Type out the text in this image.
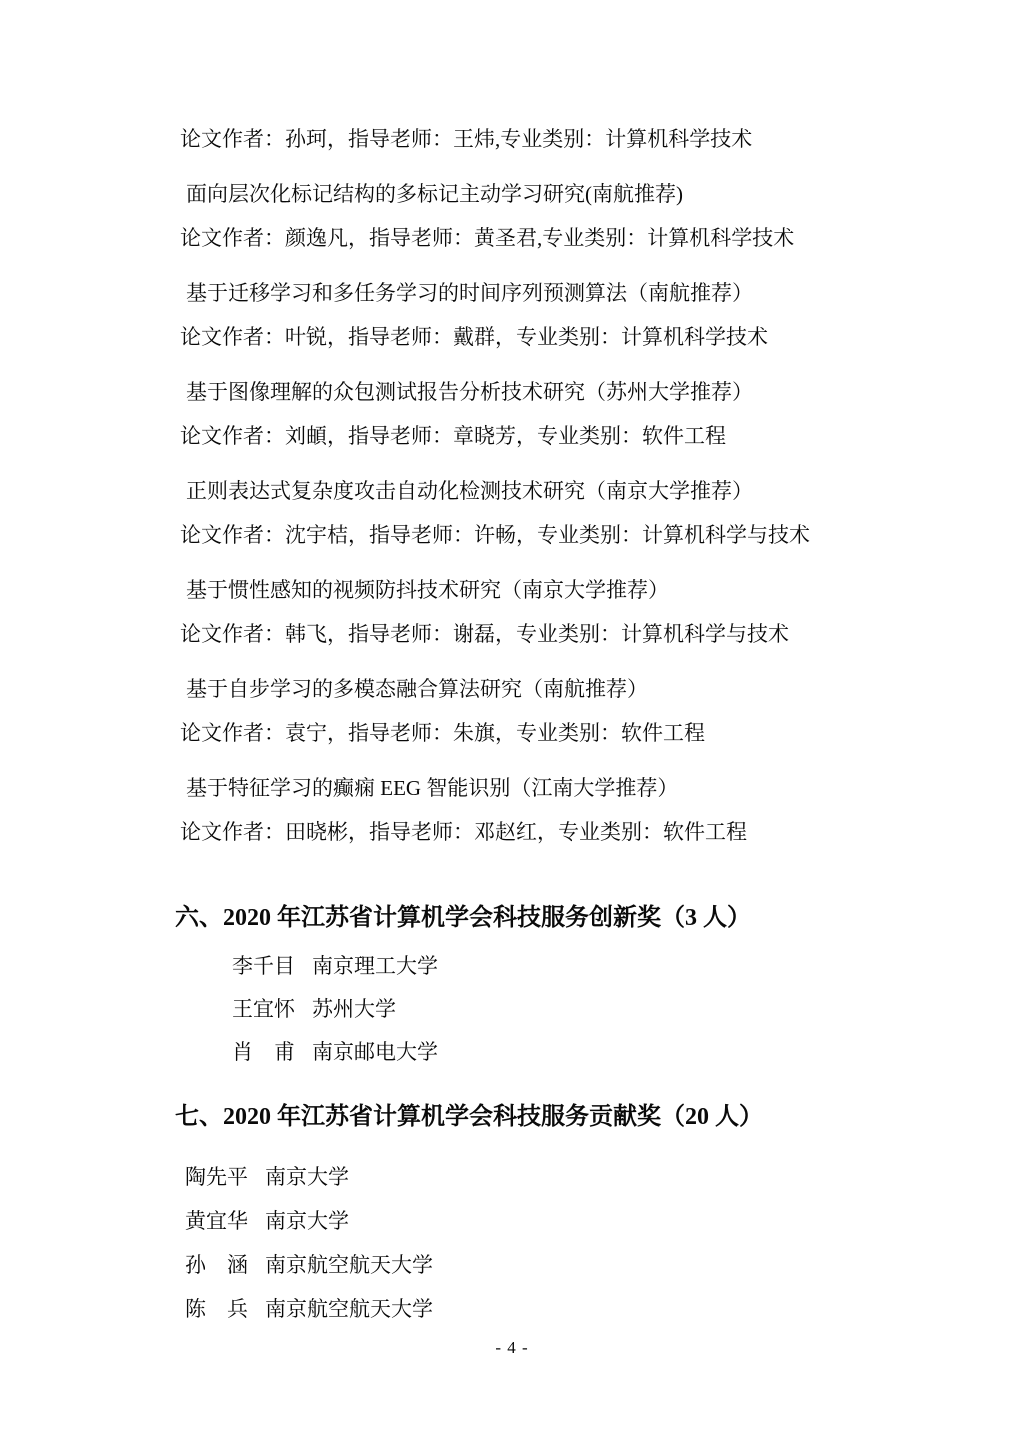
论文作者：孙珂，指导老师：王炜,专业类别：计算机科学技术
面向层次化标记结构的多标记主动学习研究(南航推荐)
论文作者：颜逸凡，指导老师：黄圣君,专业类别：计算机科学技术
基于迁移学习和多任务学习的时间序列预测算法（南航推荐）
论文作者：叶锐，指导老师：戴群，专业类别：计算机科学技术
基于图像理解的众包测试报告分析技术研究（苏州大学推荐）
论文作者：刘頔，指导老师：章晓芳，专业类别：软件工程
正则表达式复杂度攻击自动化检测技术研究（南京大学推荐）
论文作者：沈宇桔，指导老师：许畅，专业类别：计算机科学与技术
基于惯性感知的视频防抖技术研究（南京大学推荐）
论文作者：韩飞，指导老师：谢磊，专业类别：计算机科学与技术
基于自步学习的多模态融合算法研究（南航推荐）
论文作者：袁宁，指导老师：朱旗，专业类别：软件工程
基于特征学习的癫痫 EEG 智能识别（江南大学推荐）
论文作者：田晓彬，指导老师：邓赵红，专业类别：软件工程
六、2020 年江苏省计算机学会科技服务创新奖（3 人）
李千目 南京理工大学
王宜怀 苏州大学
肖　甫 南京邮电大学
七、2020 年江苏省计算机学会科技服务贡献奖（20 人）
陶先平 南京大学
黄宜华 南京大学
孙　涵 南京航空航天大学
陈　兵 南京航空航天大学
- 4 -
